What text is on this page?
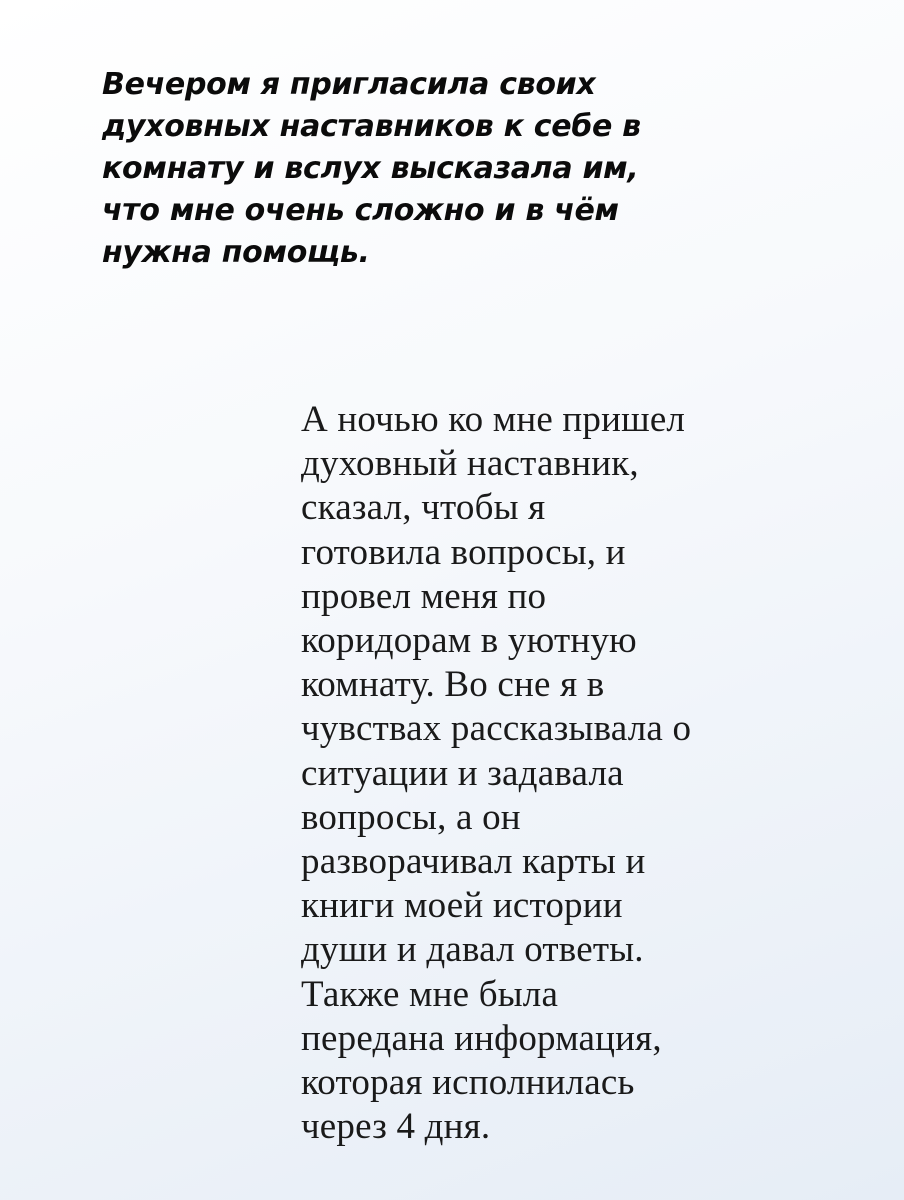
Вечером я пригласила своих
духовных наставников к себе в
комнату и вслух высказала им,
что мне очень сложно и в чём
нужна помощь.

А ночью ко мне пришел
духовный наставник,
сказал, чтобы я
готовила вопросы, и
провел меня по
коридорам в уютную
комнату. Во сне я в
чувствах рассказывала о
ситуации и задавала
вопросы, а он
разворачивал карты и
книги моей истории
души и давал ответы.
Также мне была
передана информация,
которая исполнилась
через 4 дня.
